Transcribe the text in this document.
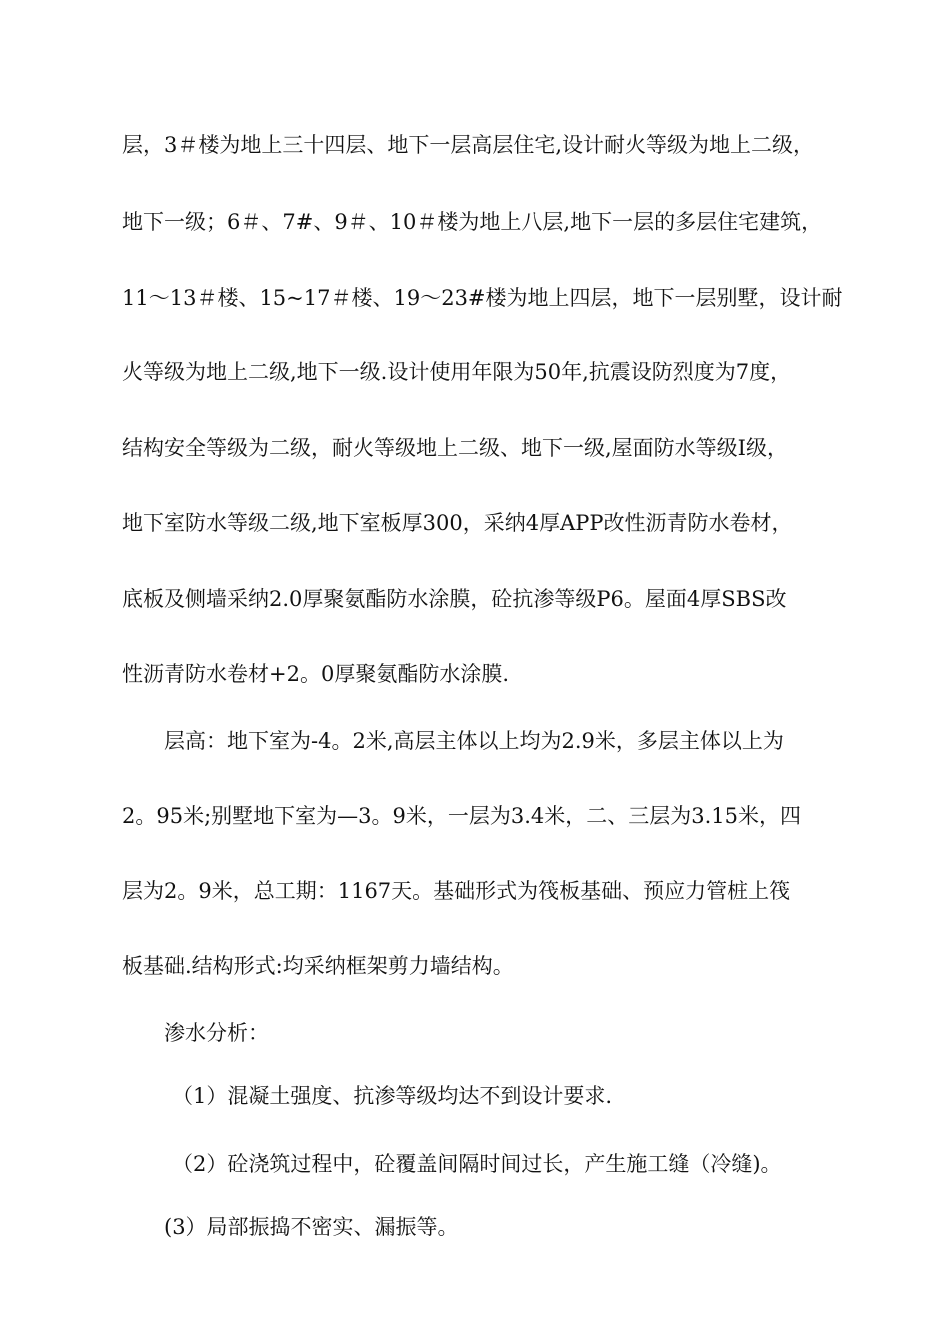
层，3＃楼为地上三十四层、地下一层高层住宅,设计耐火等级为地上二级，
地下一级；6＃、7#、9＃、10＃楼为地上八层,地下一层的多层住宅建筑，
11～13＃楼、15~17＃楼、19～23#楼为地上四层，地下一层别墅，设计耐
火等级为地上二级,地下一级.设计使用年限为50年,抗震设防烈度为7度，
结构安全等级为二级，耐火等级地上二级、地下一级,屋面防水等级I级，
地下室防水等级二级,地下室板厚300，采纳4厚APP改性沥青防水卷材，
底板及侧墙采纳2.0厚聚氨酯防水涂膜，砼抗渗等级P6。屋面4厚SBS改
性沥青防水卷材+2。0厚聚氨酯防水涂膜.
层高：地下室为-4。2米,高层主体以上均为2.9米，多层主体以上为
2。95米;别墅地下室为—3。9米，一层为3.4米，二、三层为3.15米，四
层为2。9米，总工期：1167天。基础形式为筏板基础、预应力管桩上筏
板基础.结构形式:均采纳框架剪力墙结构。
渗水分析：
（1）混凝土强度、抗渗等级均达不到设计要求.
（2）砼浇筑过程中，砼覆盖间隔时间过长，产生施工缝（冷缝)。
(3）局部振捣不密实、漏振等。
